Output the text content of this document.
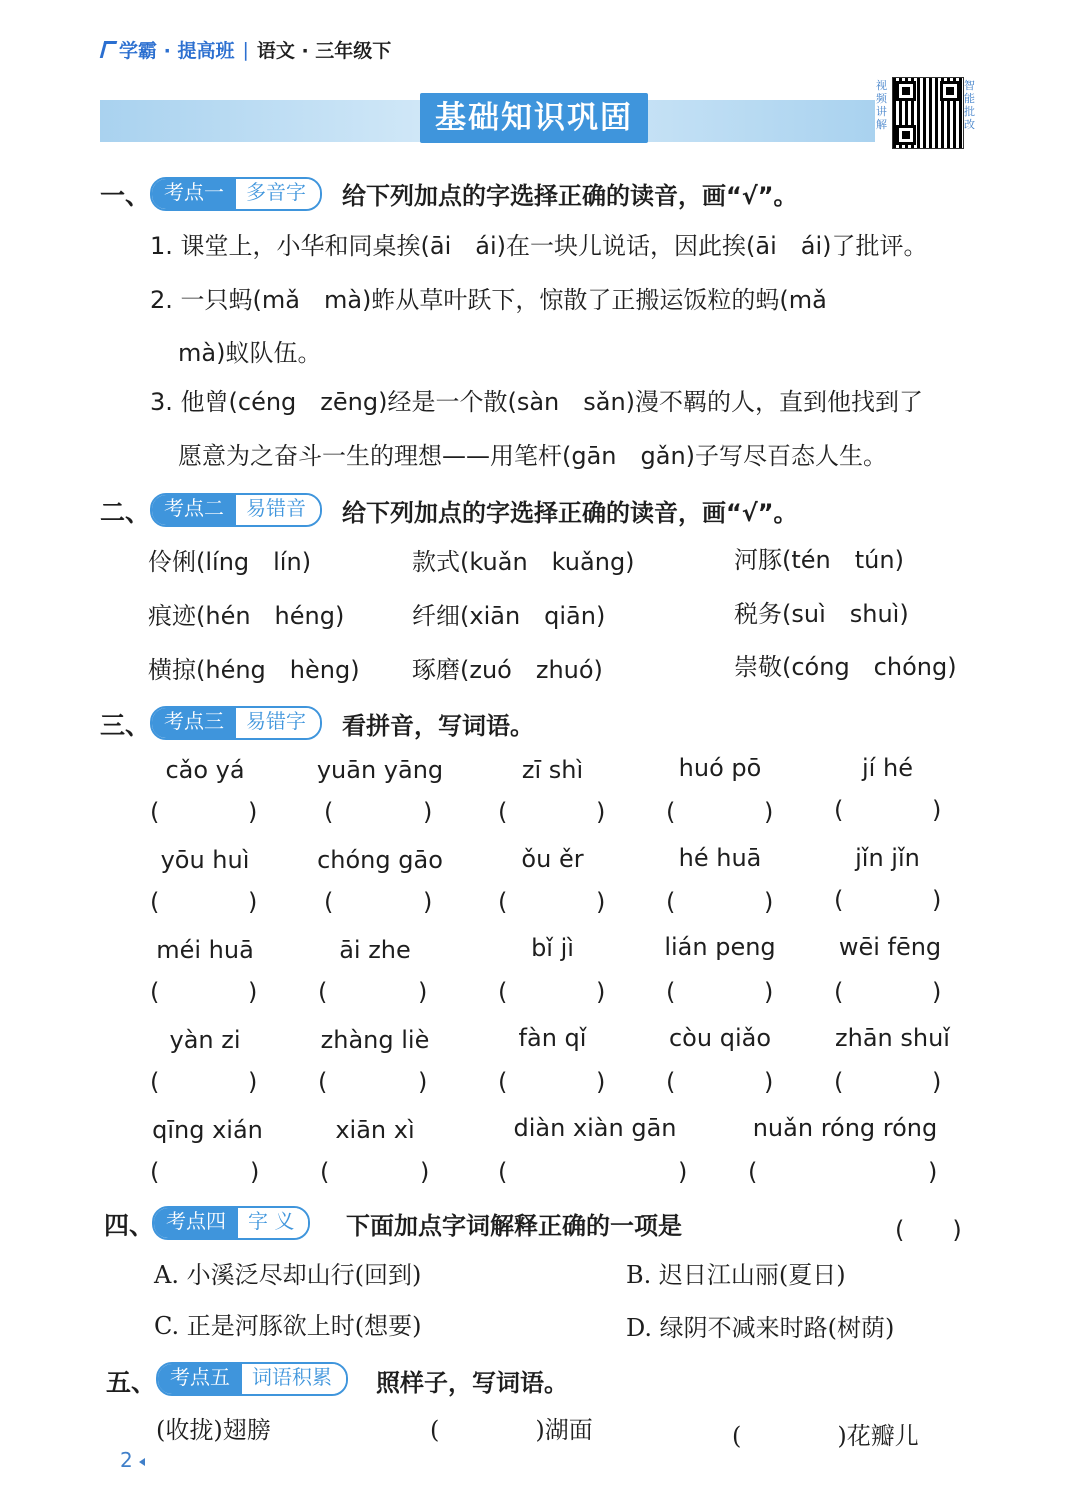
学霸 · 提高班 | 语文 · 三年级下
基础知识巩固
视频讲解
智能批改
一、 考点一	多音字	给下列加点的字选择正确的读音，画“√”。
1. 课堂上，小华和同桌挨(āi　ái)在一块儿说话，因此挨(āi　ái)了批评。
2. 一只蚂(mǎ　mà)蚱从草叶跃下，惊散了正搬运饭粒的蚂(mǎ
mà)蚁队伍。
3. 他曾(céng　zēng)经是一个散(sàn　sǎn)漫不羁的人，直到他找到了
愿意为之奋斗一生的理想——用笔杆(gān　gǎn)子写尽百态人生。
二、 考点二	易错音	给下列加点的字选择正确的读音，画“√”。
伶俐(líng　lín)	款式(kuǎn　kuǎng)	河豚(tén　tún)
痕迹(hén　héng)	纤细(xiān　qiān)	税务(suì　shuì)
横掠(héng　hèng) 琢磨(zuó　zhuó)	崇敬(cóng　chóng)
三、 考点三	易错字	看拼音，写词语。
cǎo yá	yuān yāng	zī shì	huó pō	jí hé
(	)	(	)	(	)	(	)	(	)
yōu huì	chóng gāo	ǒu ěr	hé huā	jǐn jǐn
(	)	(	)	(	)	(	)	(	)
méi huā	āi zhe	bǐ jì	lián peng	wēi fēng
(	)	(	)	(	)	(	)	(	)
yàn zi	zhàng liè	fàn qǐ	còu qiǎo	zhān shuǐ
(	)	(	)	(	)	(	)	(	)
qīng xián	xiān xì	diàn xiàn gān	nuǎn róng róng
(	)	(	)	(	)	(	)
四、 考点四	字 义	下面加点字词解释正确的一项是	(　　)
A. 小溪泛尽却山行(回到)	B. 迟日江山丽(夏日)
C. 正是河豚欲上时(想要)	D. 绿阴不减来时路(树荫)
五、 考点五	词语积累	照样子，写词语。
(收拢)翅膀	(　　　　)湖面	(　　　　)花瓣儿
2
